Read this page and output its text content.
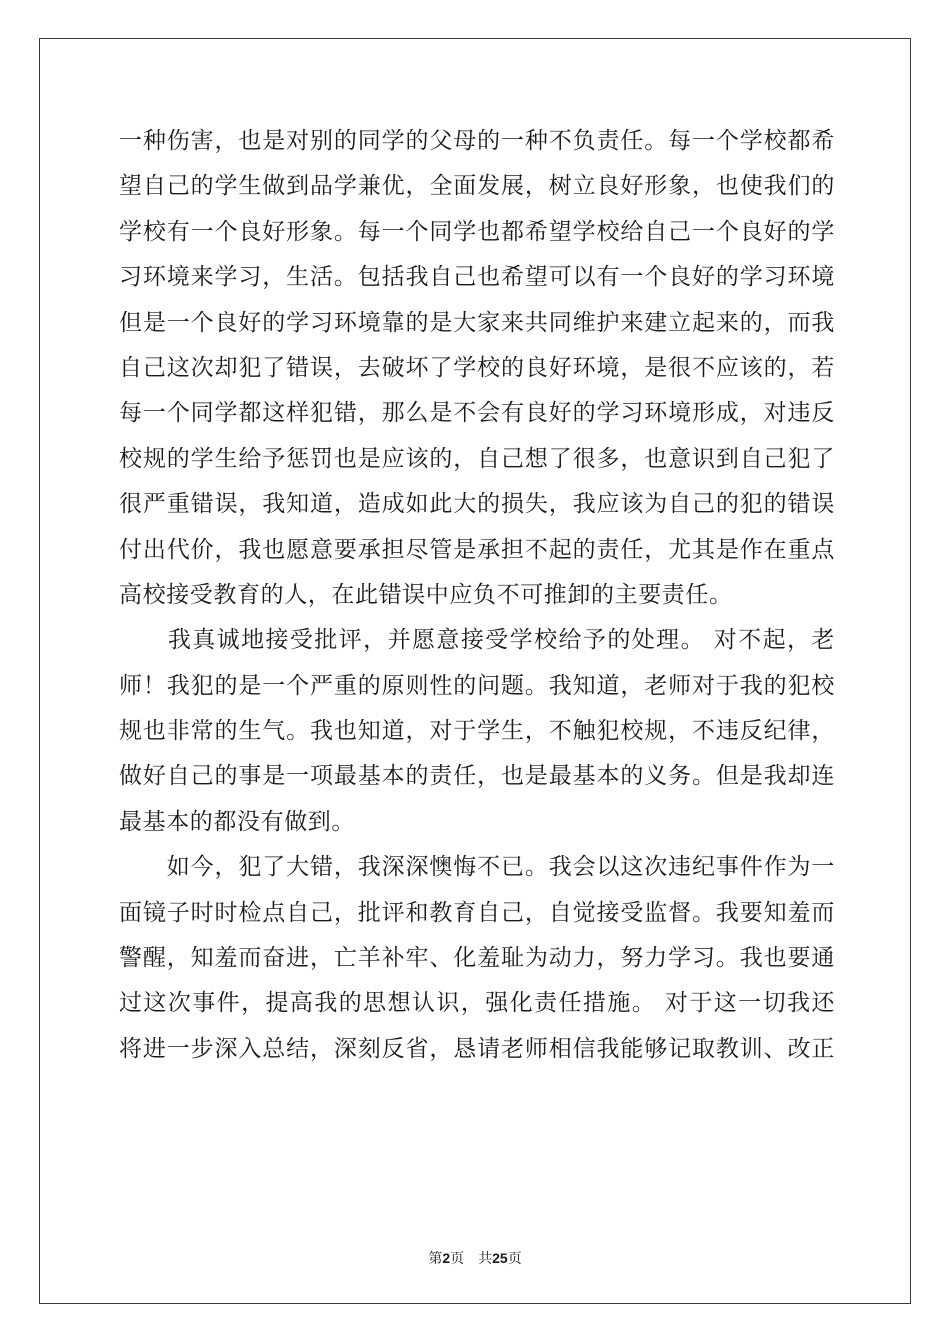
一种伤害，也是对别的同学的父母的一种不负责任。每一个学校都希
望自己的学生做到品学兼优，全面发展，树立良好形象，也使我们的
学校有一个良好形象。每一个同学也都希望学校给自己一个良好的学
习环境来学习，生活。包括我自己也希望可以有一个良好的学习环境
但是一个良好的学习环境靠的是大家来共同维护来建立起来的，而我
自己这次却犯了错误，去破坏了学校的良好环境，是很不应该的，若
每一个同学都这样犯错，那么是不会有良好的学习环境形成，对违反
校规的学生给予惩罚也是应该的，自己想了很多，也意识到自己犯了
很严重错误，我知道，造成如此大的损失，我应该为自己的犯的错误
付出代价，我也愿意要承担尽管是承担不起的责任，尤其是作在重点
高校接受教育的人，在此错误中应负不可推卸的主要责任。
　　我真诚地接受批评，并愿意接受学校给予的处理。 对不起，老
师！我犯的是一个严重的原则性的问题。我知道，老师对于我的犯校
规也非常的生气。我也知道，对于学生，不触犯校规，不违反纪律，
做好自己的事是一项最基本的责任，也是最基本的义务。但是我却连
最基本的都没有做到。
　　如今，犯了大错，我深深懊悔不已。我会以这次违纪事件作为一
面镜子时时检点自己，批评和教育自己，自觉接受监督。我要知羞而
警醒，知羞而奋进，亡羊补牢、化羞耻为动力，努力学习。我也要通
过这次事件，提高我的思想认识，强化责任措施。 对于这一切我还
将进一步深入总结，深刻反省，恳请老师相信我能够记取教训、改正
第2页　共25页
